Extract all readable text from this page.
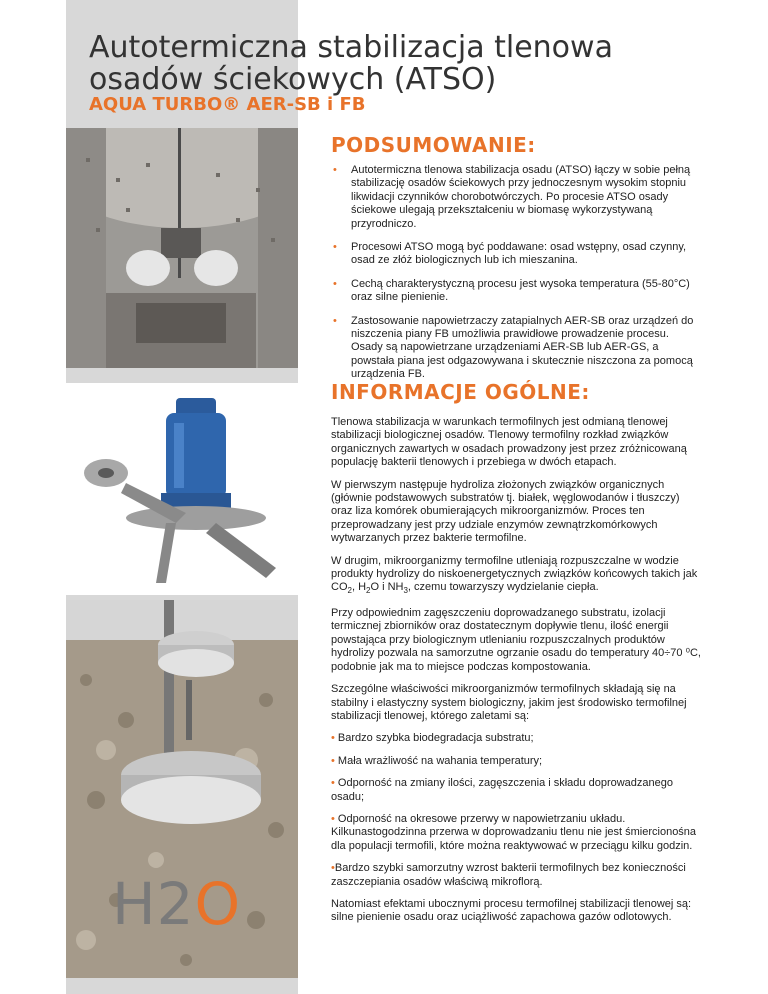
Autotermiczna stabilizacja tlenowa osadów ściekowych (ATSO)
AQUA TURBO® AER-SB i FB
PODSUMOWANIE:
• Autotermiczna tlenowa stabilizacja osadu (ATSO) łączy w sobie pełną stabilizację osadów ściekowych przy jednoczesnym wysokim stopniu likwidacji czynników chorobotwórczych. Po procesie ATSO osady ściekowe ulegają przekształceniu w biomasę wykorzystywaną przyrodniczo.
• Procesowi ATSO mogą być poddawane: osad wstępny, osad czynny, osad ze złóż biologicznych lub ich mieszanina.
• Cechą charakterystyczną procesu jest wysoka temperatura (55-80°C) oraz silne pienienie.
• Zastosowanie napowietrzaczy zatapialnych AER-SB oraz urządzeń do niszczenia piany FB umożliwia prawidłowe prowadzenie procesu. Osady są napowietrzane urządzeniami AER-SB lub AER-GS, a powstała piana jest odgazowywana i skutecznie niszczona za pomocą urządzenia FB.
INFORMACJE OGÓLNE:

Tlenowa stabilizacja w warunkach termofilnych jest odmianą tlenowej stabilizacji biologicznej osadów. Tlenowy termofilny rozkład związków organicznych zawartych w osadach prowadzony jest przez zróżnicowaną populację bakterii tlenowych i przebiega w dwóch etapach.

W pierwszym następuje hydroliza złożonych związków organicznych (głównie podstawowych substratów tj. białek, węglowodanów i tłuszczy) oraz liza komórek obumierających mikroorganizmów. Proces ten przeprowadzany jest przy udziale enzymów zewnątrzkomórkowych wytwarzanych przez bakterie termofilne.

W drugim, mikroorganizmy termofilne utleniają rozpuszczalne w wodzie produkty hydrolizy do niskoenergetycznych związków końcowych takich jak $CO_2$, $H_2O$ i $NH_3$, czemu towarzyszy wydzielanie ciepła.

Przy odpowiednim zagęszczeniu doprowadzanego substratu, izolacji termicznej zbiorników oraz dostatecznym dopływie tlenu, ilość energii powstająca przy biologicznym utlenianiu rozpuszczalnych produktów hydrolizy pozwala na samorzutne ogrzanie osadu do temperatury 40÷70 ⁰C, podobnie jak ma to miejsce podczas kompostowania.

Szczególne właściwości mikroorganizmów termofilnych składają się na stabilny i elastyczny system biologiczny, jakim jest środowisko termofilnej stabilizacji tlenowej, którego zaletami są:

• Bardzo szybka biodegradacja substratu;

• Mała wrażliwość na wahania temperatury;

• Odporność na zmiany ilości, zagęszczenia i składu doprowadzanego osadu;

• Odporność na okresowe przerwy w napowietrzaniu układu. Kilkunastogodzinna przerwa w doprowadzaniu tlenu nie jest śmiercionośna dla populacji termofili, które można reaktywować w przeciągu kilku godzin.

•Bardzo szybki samorzutny wzrost bakterii termofilnych bez konieczności zaszczepiania osadów właściwą mikroflorą.

Natomiast efektami ubocznymi procesu termofilnej stabilizacji tlenowej są: silne pienienie osadu oraz uciążliwość zapachowa gazów odlotowych.

H2O
